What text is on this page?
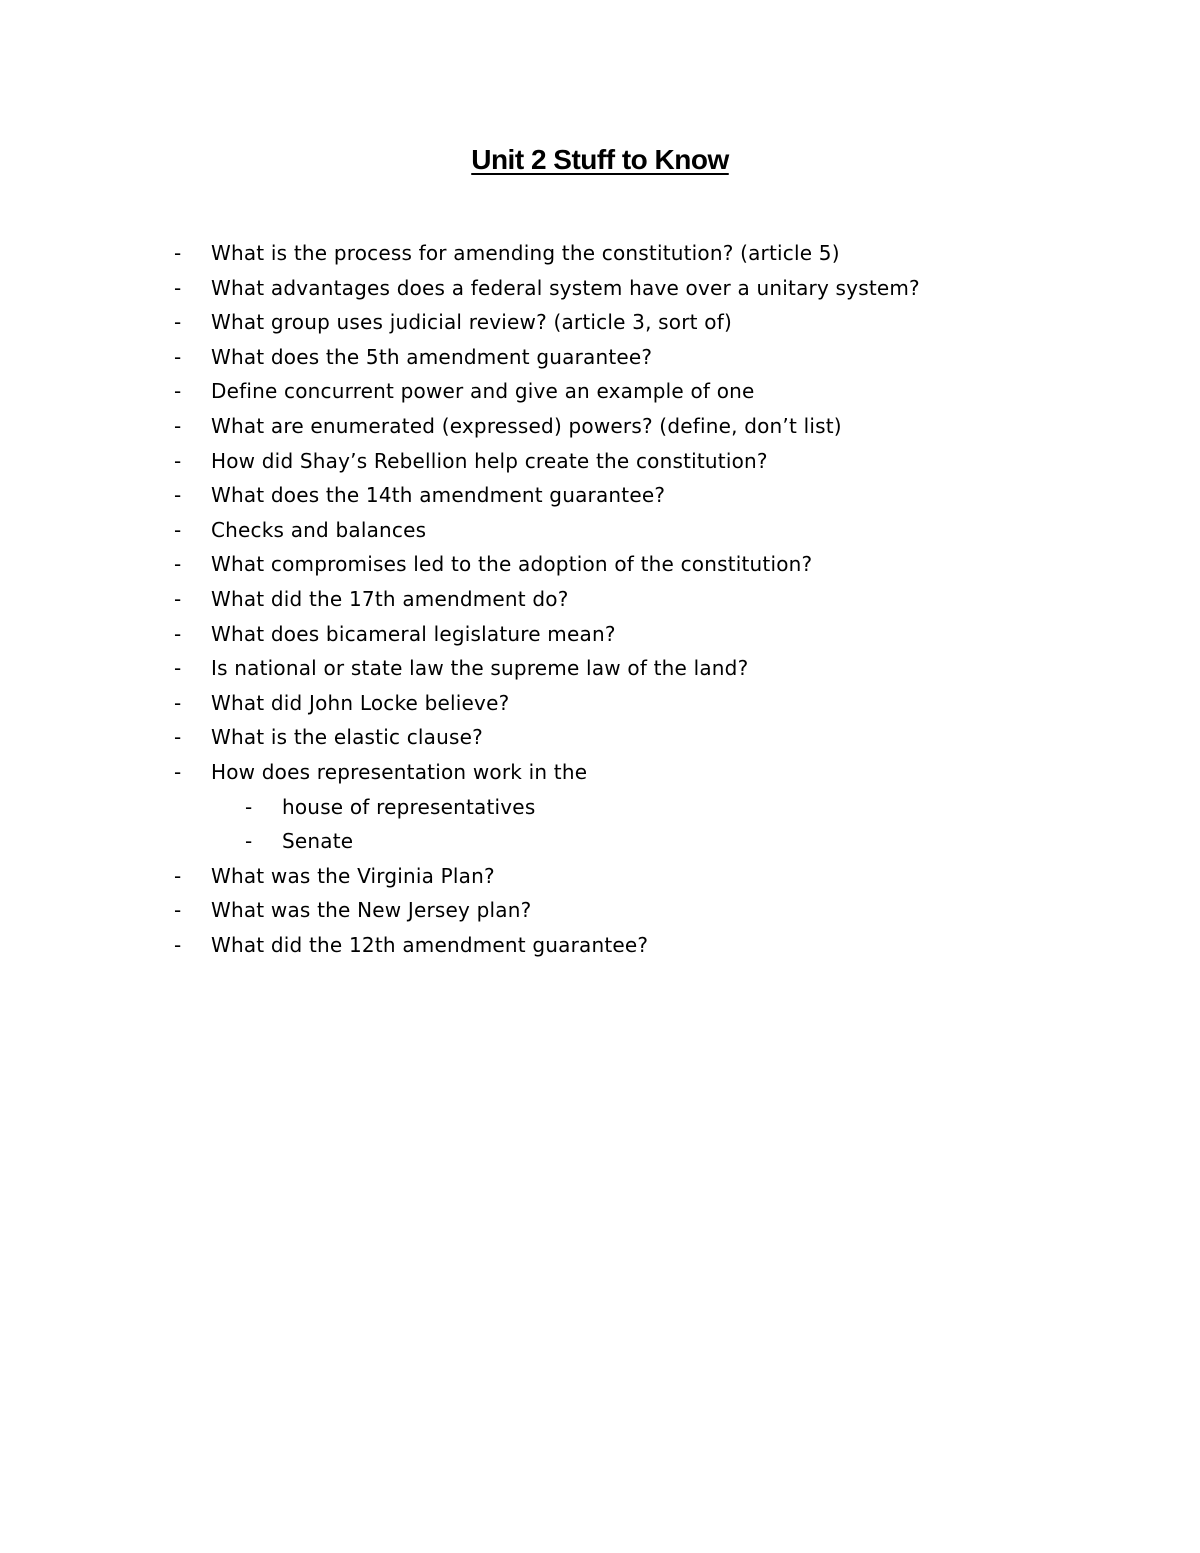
Unit 2 Stuff to Know
- What is the process for amending the constitution? (article 5)
- What advantages does a federal system have over a unitary system?
- What group uses judicial review? (article 3, sort of)
- What does the 5th amendment guarantee?
- Define concurrent power and give an example of one
- What are enumerated (expressed) powers? (define, don’t list)
- How did Shay’s Rebellion help create the constitution?
- What does the 14th amendment guarantee?
- Checks and balances
- What compromises led to the adoption of the constitution?
- What did the 17th amendment do?
- What does bicameral legislature mean?
- Is national or state law the supreme law of the land?
- What did John Locke believe?
- What is the elastic clause?
- How does representation work in the
- house of representatives
- Senate
- What was the Virginia Plan?
- What was the New Jersey plan?
- What did the 12th amendment guarantee?
